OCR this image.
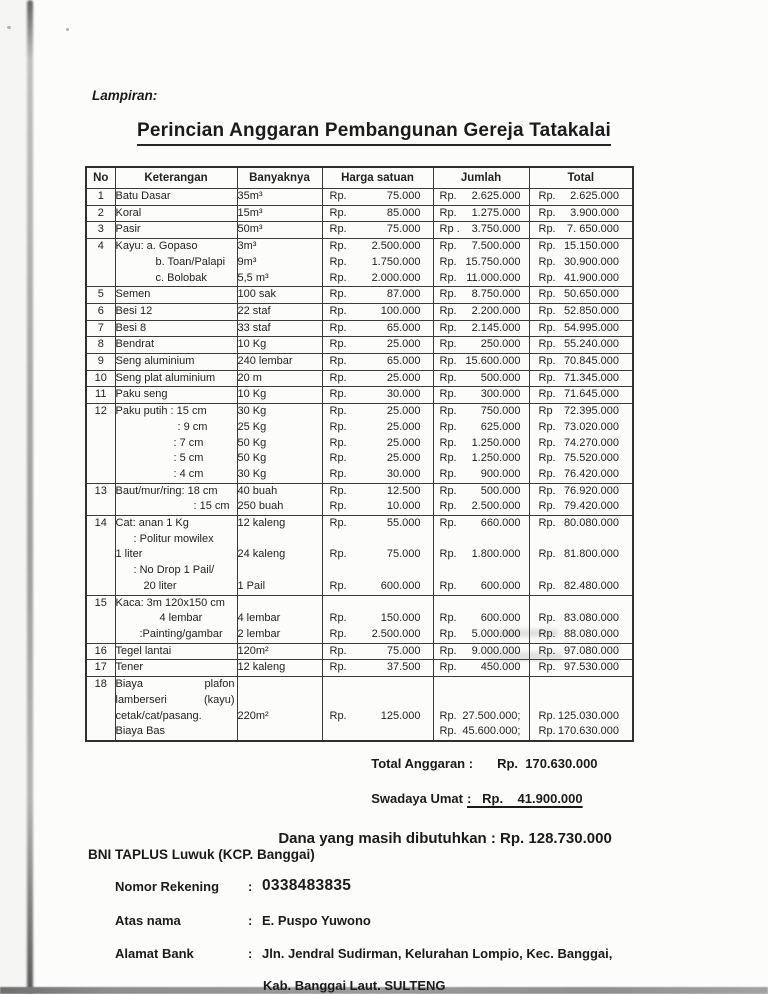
Lampiran:
Perincian Anggaran Pembangunan Gereja Tatakalai
No	Keterangan	Banyaknya	Harga satuan	Jumlah	Total
1	Batu Dasar	35m³	Rp. 75.000	Rp. 2.625.000	Rp. 2.625.000

2	Koral	15m³	Rp. 85.000	Rp. 1.275.000	Rp. 3.900.000

3	Pasir	50m³	Rp. 75.000	Rp . 3.750.000	Rp. 7. 650.000

4	Kayu: a. Gopaso	3m³	Rp. 2.500.000	Rp. 7.500.000	Rp. 15.150.000

	b. Toan/Palapi	9m³	Rp. 1.750.000	Rp. 15.750.000	Rp. 30.900.000

	c. Bolobak	5,5 m³	Rp. 2.000.000	Rp. 11.000.000	Rp. 41.900.000

5	Semen	100 sak	Rp. 87.000	Rp. 8.750.000	Rp. 50.650.000

6	Besi 12	22 staf	Rp. 100.000	Rp. 2.200.000	Rp. 52.850.000

7	Besi 8	33 staf	Rp. 65.000	Rp. 2.145.000	Rp. 54.995.000

8	Bendrat	10 Kg	Rp. 25.000	Rp. 250.000	Rp. 55.240.000

9	Seng aluminium	240 lembar	Rp. 65.000	Rp. 15.600.000	Rp. 70.845.000

10	Seng plat aluminium	20 m	Rp. 25.000	Rp. 500.000	Rp. 71.345.000

11	Paku seng	10 Kg	Rp. 30.000	Rp. 300.000	Rp. 71.645.000

12	Paku putih : 15 cm	30 Kg	Rp. 25.000	Rp. 750.000	Rp 72.395.000

	: 9 cm	25 Kg	Rp. 25.000	Rp. 625.000	Rp. 73.020.000

	: 7 cm	50 Kg	Rp. 25.000	Rp. 1.250.000	Rp. 74.270.000

	: 5 cm	50 Kg	Rp. 25.000	Rp. 1.250.000	Rp. 75.520.000

	: 4 cm	30 Kg	Rp. 30.000	Rp. 900.000	Rp. 76.420.000

13	Baut/mur/ring: 18 cm	40 buah	Rp. 12.500	Rp. 500.000	Rp. 76.920.000

	: 15 cm	250 buah	Rp. 10.000	Rp. 2.500.000	Rp. 79.420.000

14	Cat: anan 1 Kg	12 kaleng	Rp. 55.000	Rp. 660.000	Rp. 80.080.000

	: Politur mowilex				
	1 liter	24 kaleng	Rp. 75.000	Rp. 1.800.000	Rp. 81.800.000

	: No Drop 1 Pail/				
	20 liter	1 Pail	Rp. 600.000	Rp. 600.000	Rp. 82.480.000

15	Kaca: 3m 120x150 cm				
	4 lembar	4 lembar	Rp. 150.000	Rp. 600.000	Rp. 83.080.000

	:Painting/gambar	2 lembar	Rp. 2.500.000	Rp. 5.000.000	Rp. 88.080.000

16	Tegel lantai	120m²	Rp. 75.000	Rp. 9.000.000	Rp. 97.080.000

17	Tener	12 kaleng	Rp. 37.500	Rp. 450.000	Rp. 97.530.000

18	Biaya plafon				

	lamberseri (kayu)				

	cetak/cat/pasang.	220m²	Rp. 125.000	Rp. 27.500.000;	Rp. 125.030.000

	Biaya Bas			Rp. 45.600.000;	Rp. 170.630.000

Total Anggaran : Rp.  170.630.000

Swadaya Umat :   Rp.    41.900.000

Dana yang masih dibutuhkan : Rp. 128.730.000

BNI TAPLUS Luwuk (KCP. Banggai)
Nomor Rekening	: 0338483835
Atas nama	: E. Puspo Yuwono
Alamat Bank	: Jln. Jendral Sudirman, Kelurahan Lompio, Kec. Banggai,
Kab. Banggai Laut. SULTENG
